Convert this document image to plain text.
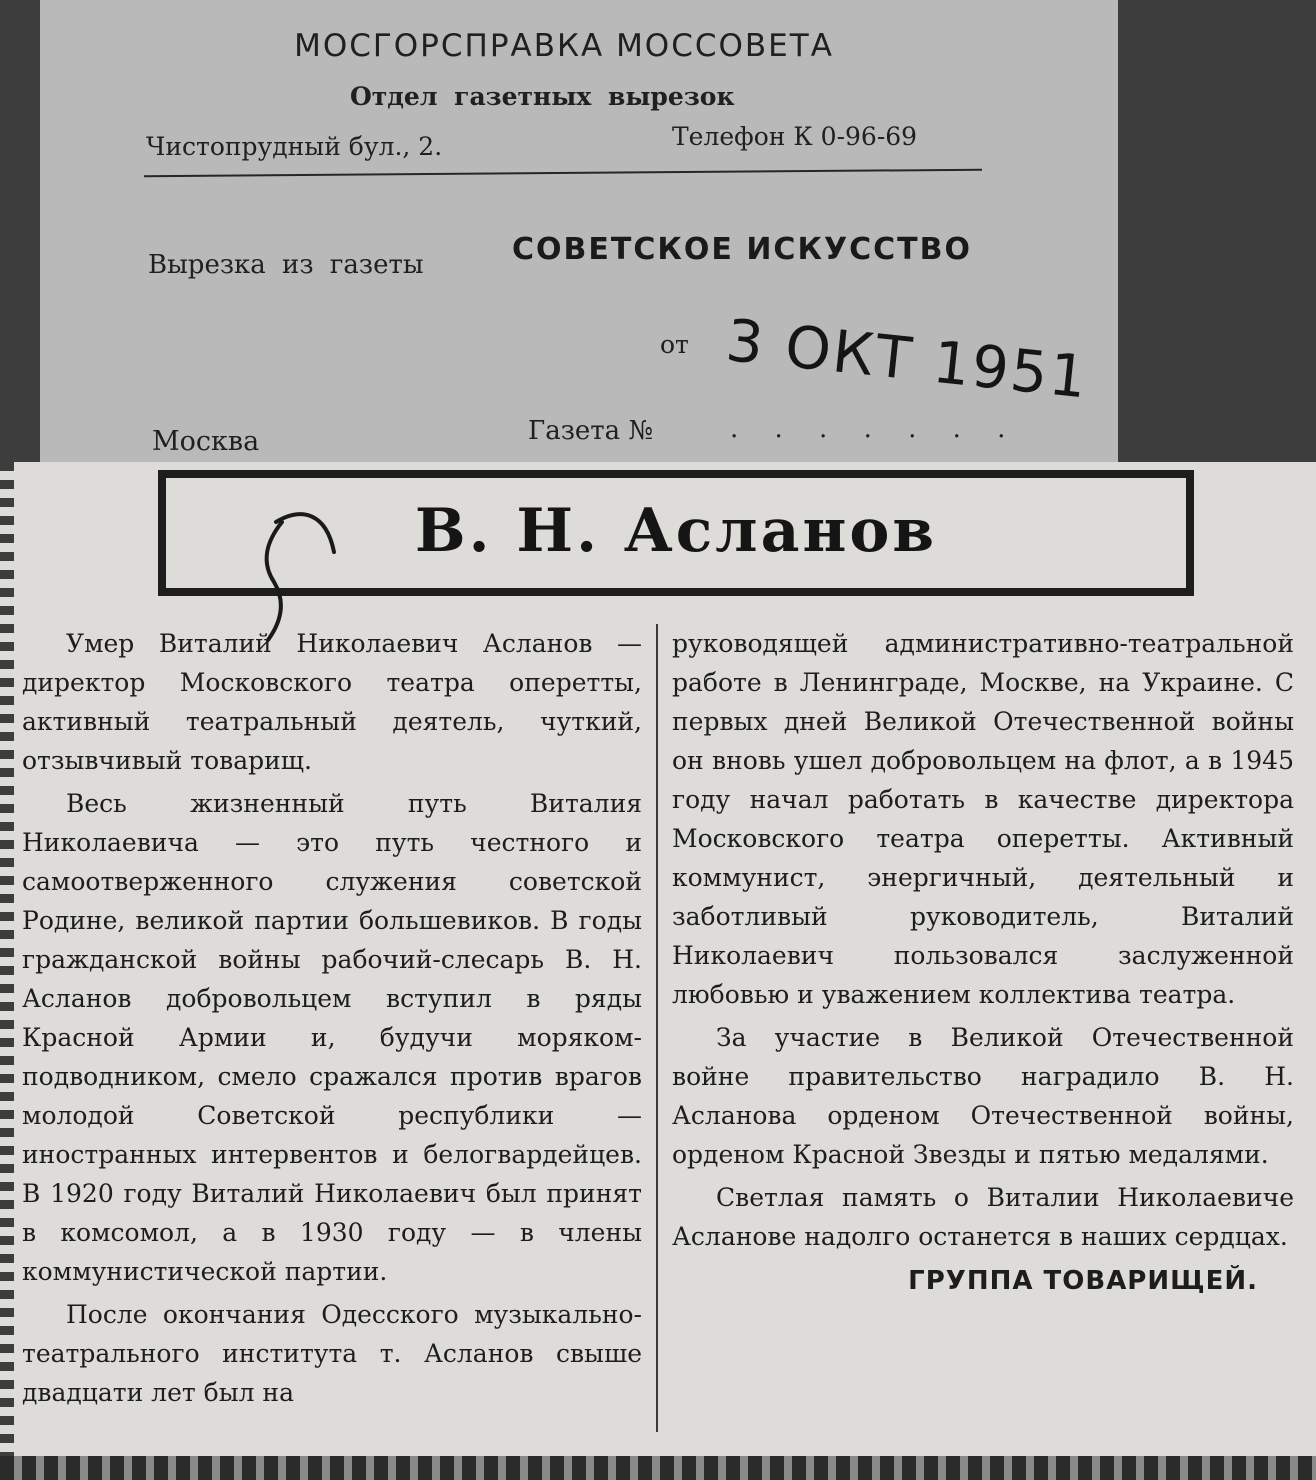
МОСГОРСПРАВКА МОССОВЕТА
Отдел газетных вырезок
Чистопрудный бул., 2.	Телефон К 0-96-69
Вырезка из газеты	СОВЕТСКОЕ ИСКУССТВО
от 3 ОКТ 1951
Москва	Газета №	. . . . . . .
В. Н. Асланов

Умер Виталий Николаевич Асланов — директор Московского театра оперетты, активный театральный деятель, чуткий, отзывчивый товарищ.

Весь жизненный путь Виталия Николаевича — это путь честного и самоотверженного служения советской Родине, великой партии большевиков. В годы гражданской войны рабочий-слесарь В. Н. Асланов добровольцем вступил в ряды Красной Армии и, будучи моряком-подводником, смело сражался против врагов молодой Советской республики — иностранных интервентов и белогвардейцев. В 1920 году Виталий Николаевич был принят в комсомол, а в 1930 году — в члены коммунистической партии.

После окончания Одесского музыкально-театрального института т. Асланов свыше двадцати лет был на

руководящей административно-театральной работе в Ленинграде, Москве, на Украине. С первых дней Великой Отечественной войны он вновь ушел добровольцем на флот, а в 1945 году начал работать в качестве директора Московского театра оперетты. Активный коммунист, энергичный, деятельный и заботливый руководитель, Виталий Николаевич пользовался заслуженной любовью и уважением коллектива театра.

За участие в Великой Отечественной войне правительство наградило В. Н. Асланова орденом Отечественной войны, орденом Красной Звезды и пятью медалями.

Светлая память о Виталии Николаевиче Асланове надолго останется в наших сердцах.

ГРУППА ТОВАРИЩЕЙ.
